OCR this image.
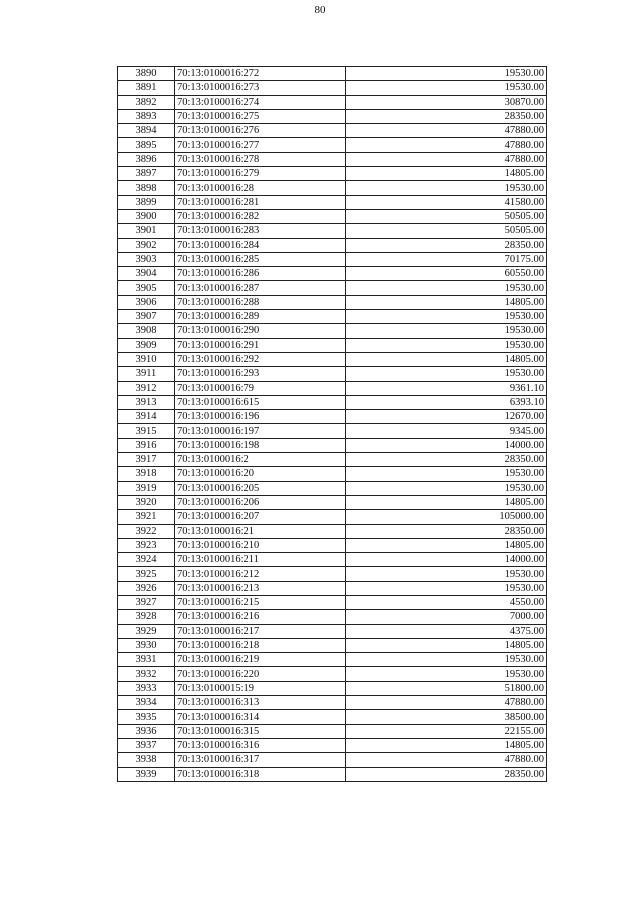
80
3890	70:13:0100016:272	19530.00
3891	70:13:0100016:273	19530.00
3892	70:13:0100016:274	30870.00
3893	70:13:0100016:275	28350.00
3894	70:13:0100016:276	47880.00
3895	70:13:0100016:277	47880.00
3896	70:13:0100016:278	47880.00
3897	70:13:0100016:279	14805.00
3898	70:13:0100016:28	19530.00
3899	70:13:0100016:281	41580.00
3900	70:13:0100016:282	50505.00
3901	70:13:0100016:283	50505.00
3902	70:13:0100016:284	28350.00
3903	70:13:0100016:285	70175.00
3904	70:13:0100016:286	60550.00
3905	70:13:0100016:287	19530.00
3906	70:13:0100016:288	14805.00
3907	70:13:0100016:289	19530.00
3908	70:13:0100016:290	19530.00
3909	70:13:0100016:291	19530.00
3910	70:13:0100016:292	14805.00
3911	70:13:0100016:293	19530.00
3912	70:13:0100016:79	9361.10
3913	70:13:0100016:615	6393.10
3914	70:13:0100016:196	12670.00
3915	70:13:0100016:197	9345.00
3916	70:13:0100016:198	14000.00
3917	70:13:0100016:2	28350.00
3918	70:13:0100016:20	19530.00
3919	70:13:0100016:205	19530.00
3920	70:13:0100016:206	14805.00
3921	70:13:0100016:207	105000.00
3922	70:13:0100016:21	28350.00
3923	70:13:0100016:210	14805.00
3924	70:13:0100016:211	14000.00
3925	70:13:0100016:212	19530.00
3926	70:13:0100016:213	19530.00
3927	70:13:0100016:215	4550.00
3928	70:13:0100016:216	7000.00
3929	70:13:0100016:217	4375.00
3930	70:13:0100016:218	14805.00
3931	70:13:0100016:219	19530.00
3932	70:13:0100016:220	19530.00
3933	70:13:0100015:19	51800.00
3934	70:13:0100016:313	47880.00
3935	70:13:0100016:314	38500.00
3936	70:13:0100016:315	22155.00
3937	70:13:0100016:316	14805.00
3938	70:13:0100016:317	47880.00
3939	70:13:0100016:318	28350.00
